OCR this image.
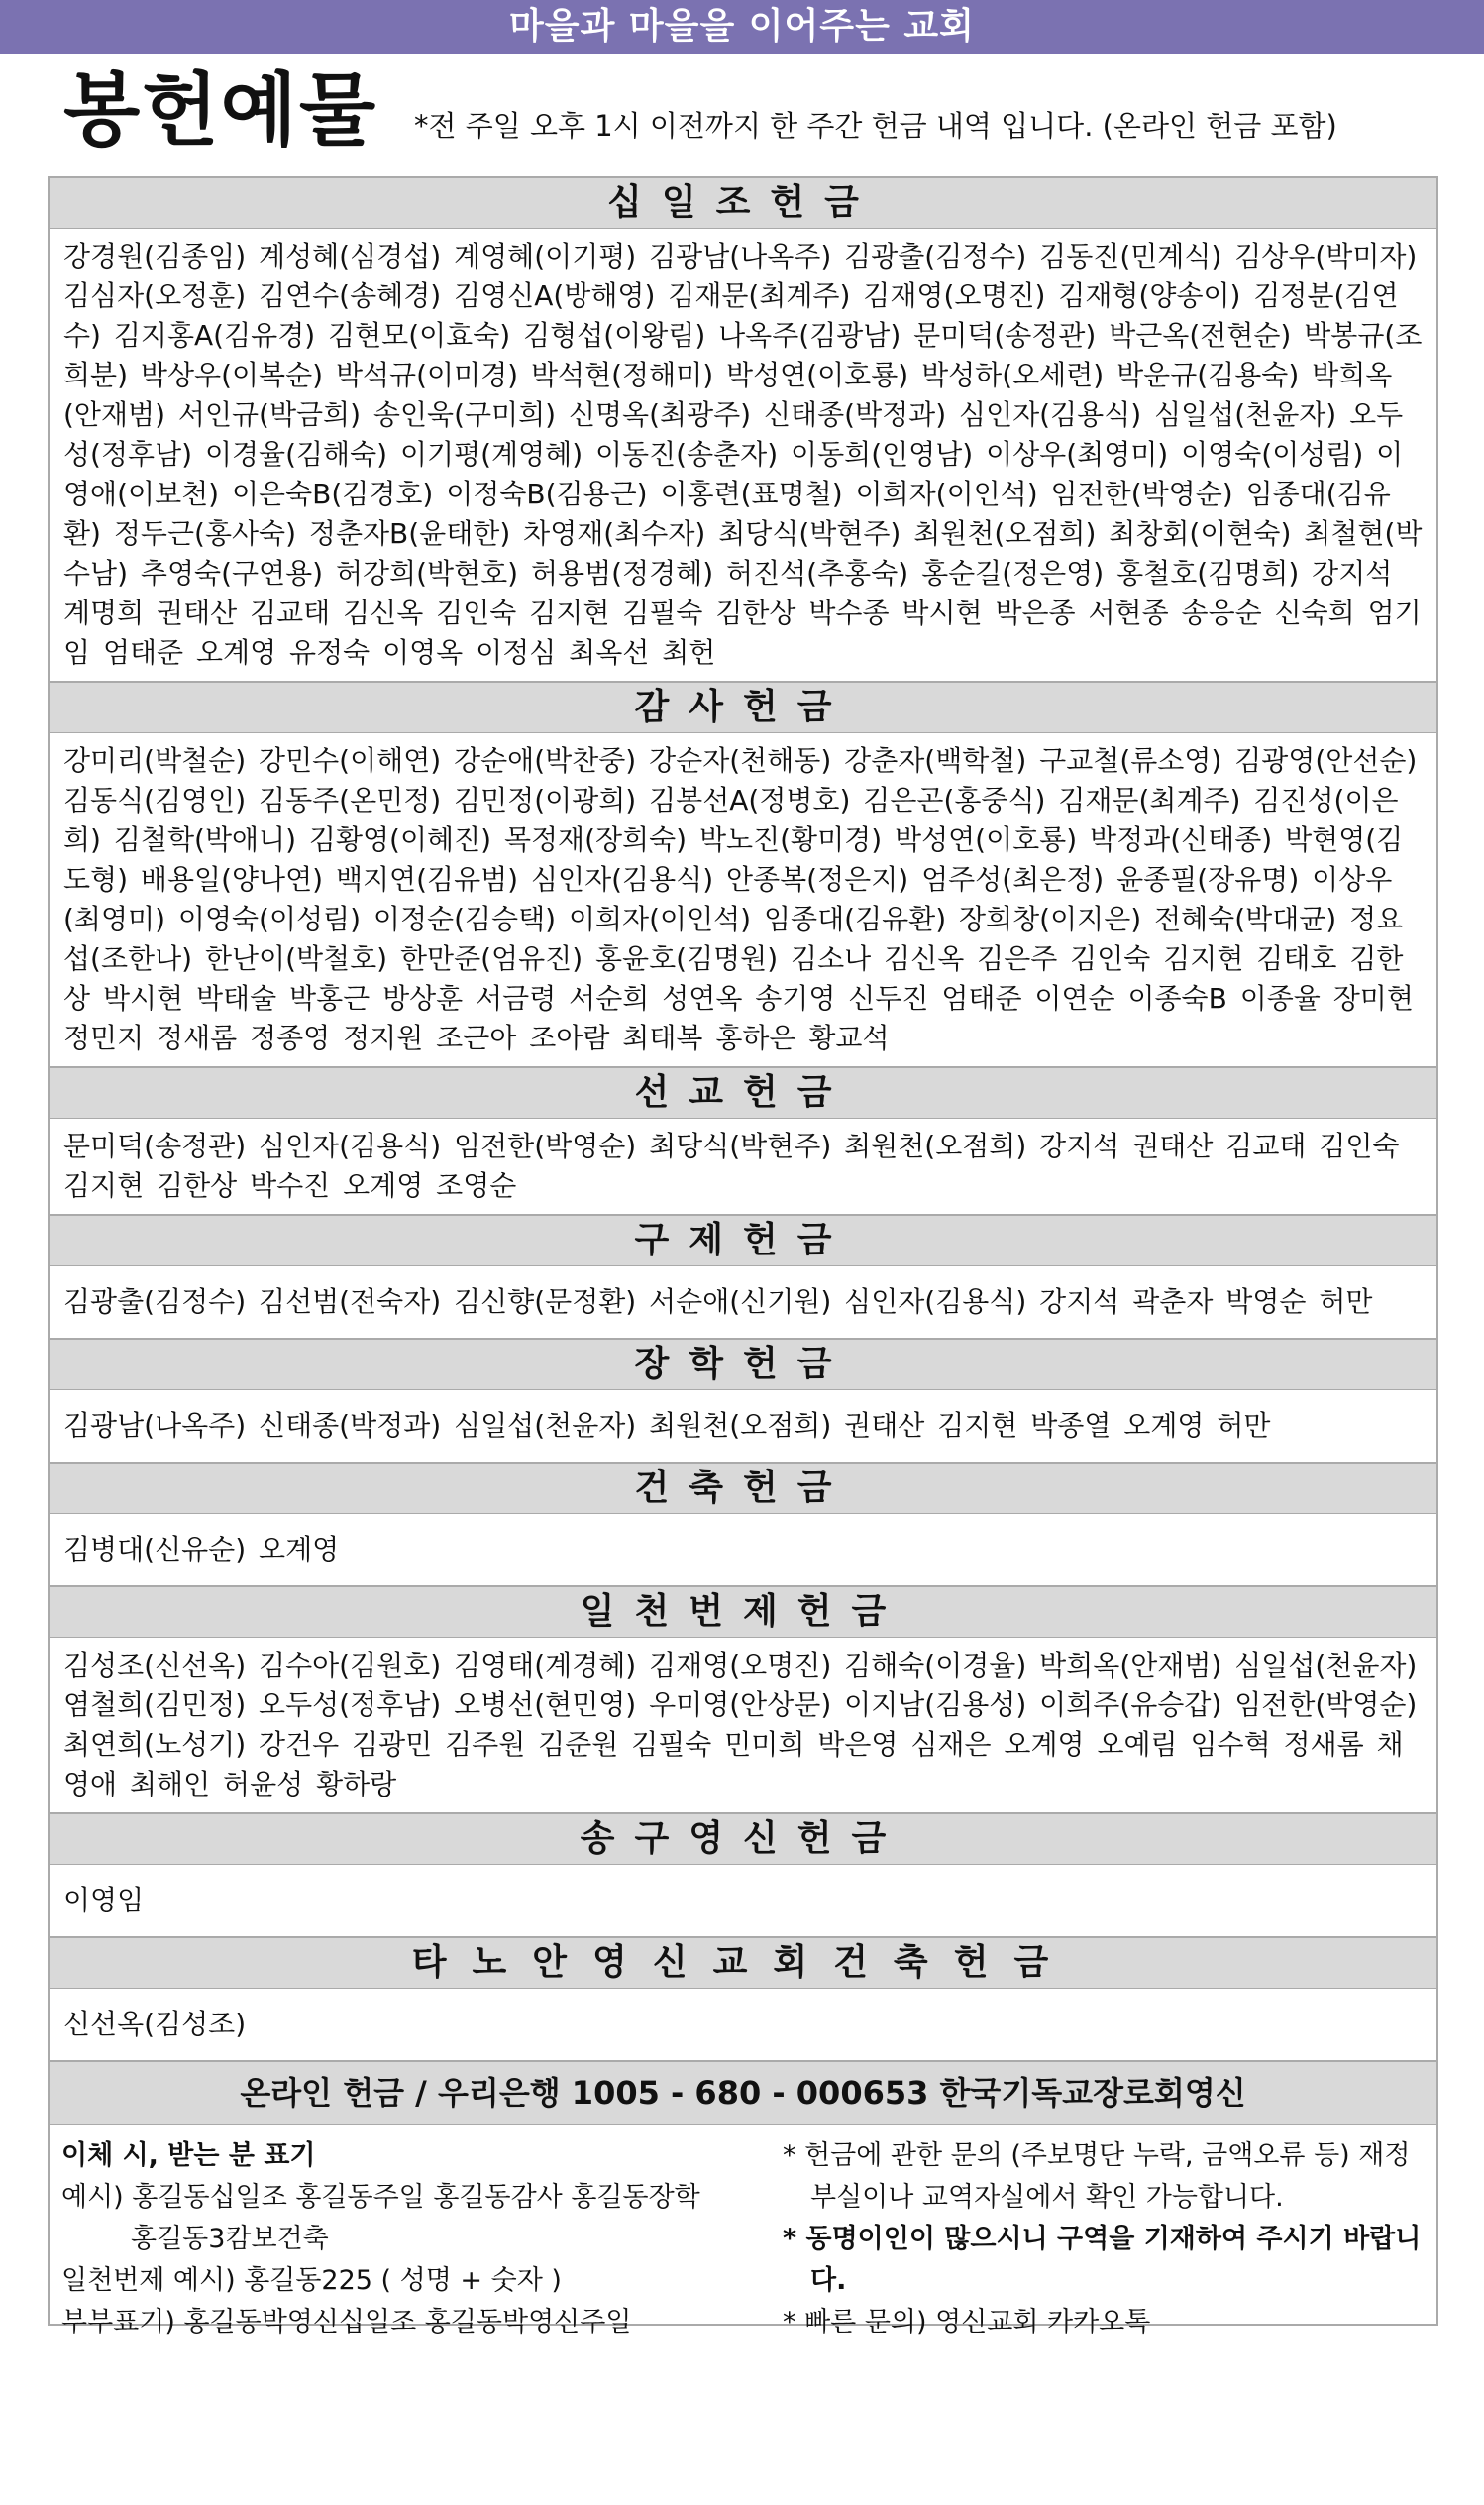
마을과 마을을 이어주는 교회
봉헌예물 *전 주일 오후 1시 이전까지 한 주간 헌금 내역 입니다. (온라인 헌금 포함)
십일조헌금
강경원(김종임) 계성혜(심경섭) 계영혜(이기평) 김광남(나옥주) 김광출(김정수) 김동진(민계식) 김상우(박미자) 김심자(오정훈) 김연수(송혜경) 김영신A(방해영) 김재문(최계주) 김재영(오명진) 김재형(양송이) 김정분(김연수) 김지홍A(김유경) 김현모(이효숙) 김형섭(이왕림) 나옥주(김광남) 문미덕(송정관) 박근옥(전현순) 박봉규(조희분) 박상우(이복순) 박석규(이미경) 박석현(정해미) 박성연(이호룡) 박성하(오세련) 박운규(김용숙) 박희옥(안재범) 서인규(박금희) 송인욱(구미희) 신명옥(최광주) 신태종(박정과) 심인자(김용식) 심일섭(천윤자) 오두성(정후남) 이경율(김해숙) 이기평(계영혜) 이동진(송춘자) 이동희(인영남) 이상우(최영미) 이영숙(이성림) 이영애(이보천) 이은숙B(김경호) 이정숙B(김용근) 이홍련(표명철) 이희자(이인석) 임전한(박영순) 임종대(김유환) 정두근(홍사숙) 정춘자B(윤태한) 차영재(최수자) 최당식(박현주) 최원천(오점희) 최창회(이현숙) 최철현(박수남) 추영숙(구연용) 허강희(박현호) 허용범(정경혜) 허진석(추홍숙) 홍순길(정은영) 홍철호(김명희) 강지석 계명희 권태산 김교태 김신옥 김인숙 김지현 김필숙 김한상 박수종 박시현 박은종 서현종 송응순 신숙희 엄기임 엄태준 오계영 유정숙 이영옥 이정심 최옥선 최헌
감사헌금
강미리(박철순) 강민수(이해연) 강순애(박찬중) 강순자(천해동) 강춘자(백학철) 구교철(류소영) 김광영(안선순) 김동식(김영인) 김동주(온민정) 김민정(이광희) 김봉선A(정병호) 김은곤(홍중식) 김재문(최계주) 김진성(이은희) 김철학(박애니) 김황영(이혜진) 목정재(장희숙) 박노진(황미경) 박성연(이호룡) 박정과(신태종) 박현영(김도형) 배용일(양나연) 백지연(김유범) 심인자(김용식) 안종복(정은지) 엄주성(최은정) 윤종필(장유명) 이상우(최영미) 이영숙(이성림) 이정순(김승택) 이희자(이인석) 임종대(김유환) 장희창(이지은) 전혜숙(박대균) 정요섭(조한나) 한난이(박철호) 한만준(엄유진) 홍윤호(김명원) 김소나 김신옥 김은주 김인숙 김지현 김태호 김한상 박시현 박태술 박홍근 방상훈 서금령 서순희 성연옥 송기영 신두진 엄태준 이연순 이종숙B 이종율 장미현 정민지 정새롬 정종영 정지원 조근아 조아람 최태복 홍하은 황교석
선교헌금
문미덕(송정관) 심인자(김용식) 임전한(박영순) 최당식(박현주) 최원천(오점희) 강지석 권태산 김교태 김인숙 김지현 김한상 박수진 오계영 조영순
구제헌금
김광출(김정수) 김선범(전숙자) 김신향(문정환) 서순애(신기원) 심인자(김용식) 강지석 곽춘자 박영순 허만
장학헌금
김광남(나옥주) 신태종(박정과) 심일섭(천윤자) 최원천(오점희) 권태산 김지현 박종열 오계영 허만
건축헌금
김병대(신유순) 오계영
일천번제헌금
김성조(신선옥) 김수아(김원호) 김영태(계경혜) 김재영(오명진) 김해숙(이경율) 박희옥(안재범) 심일섭(천윤자) 염철희(김민정) 오두성(정후남) 오병선(현민영) 우미영(안상문) 이지남(김용성) 이희주(유승갑) 임전한(박영순) 최연희(노성기) 강건우 김광민 김주원 김준원 김필숙 민미희 박은영 심재은 오계영 오예림 임수혁 정새롬 채영애 최해인 허윤성 황하랑
송구영신헌금
이영임
타노안영신교회건축헌금
신선옥(김성조)
온라인 헌금 / 우리은행 1005 - 680 - 000653 한국기독교장로회영신
이체 시, 받는 분 표기
예시) 홍길동십일조 홍길동주일 홍길동감사 홍길동장학
홍길동3캄보건축
일천번제 예시) 홍길동225 ( 성명 + 숫자 )
부부표기) 홍길동박영신십일조 홍길동박영신주일
* 헌금에 관한 문의 (주보명단 누락, 금액오류 등) 재정부실이나 교역자실에서 확인 가능합니다.
* 동명이인이 많으시니 구역을 기재하여 주시기 바랍니다.
* 빠른 문의) 영신교회 카카오톡
